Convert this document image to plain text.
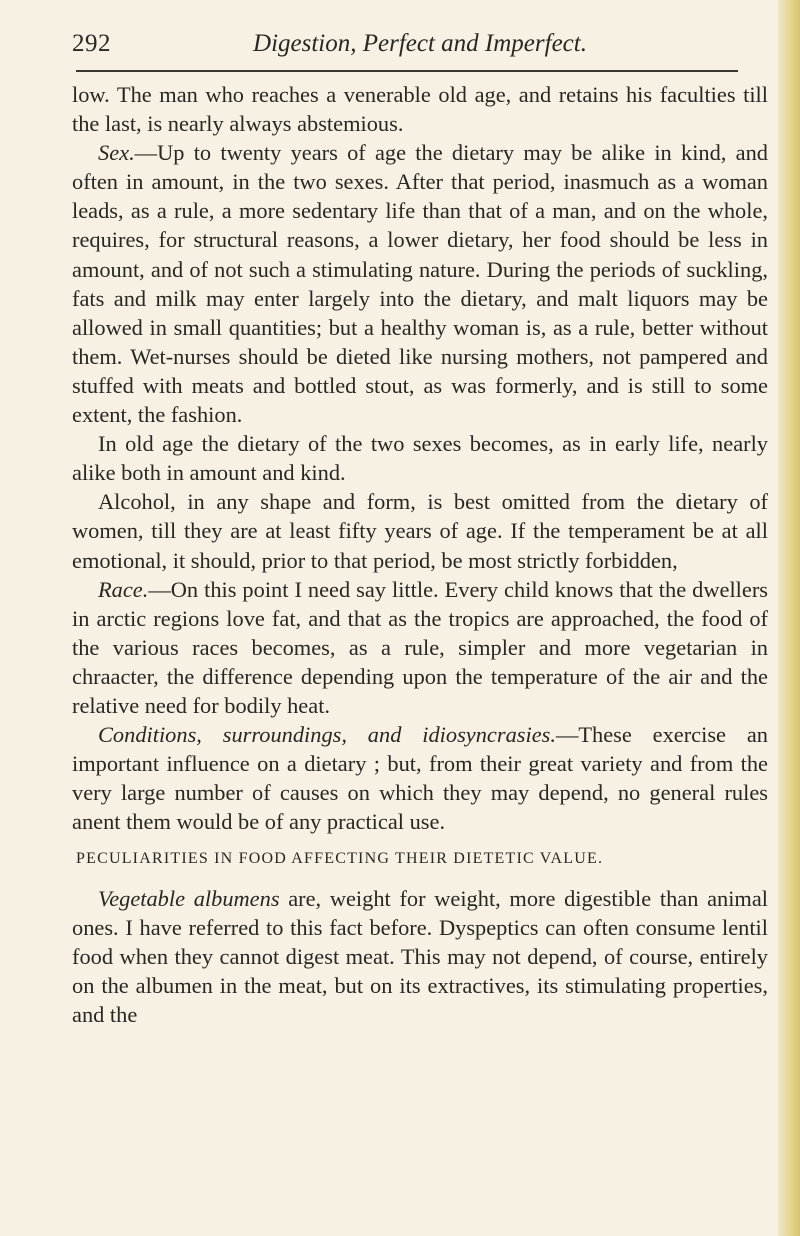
292	Digestion, Perfect and Imperfect.

low. The man who reaches a venerable old age, and retains his faculties till the last, is nearly always abstemious.

Sex.—Up to twenty years of age the dietary may be alike in kind, and often in amount, in the two sexes. After that period, inasmuch as a woman leads, as a rule, a more sedentary life than that of a man, and on the whole, requires, for structural reasons, a lower dietary, her food should be less in amount, and of not such a stimulating nature. During the periods of suckling, fats and milk may enter largely into the dietary, and malt liquors may be allowed in small quantities; but a healthy woman is, as a rule, better without them. Wet-nurses should be dieted like nursing mothers, not pampered and stuffed with meats and bottled stout, as was formerly, and is still to some extent, the fashion.

In old age the dietary of the two sexes becomes, as in early life, nearly alike both in amount and kind.

Alcohol, in any shape and form, is best omitted from the dietary of women, till they are at least fifty years of age. If the temperament be at all emotional, it should, prior to that period, be most strictly forbidden,

Race.—On this point I need say little. Every child knows that the dwellers in arctic regions love fat, and that as the tropics are approached, the food of the various races becomes, as a rule, simpler and more vegetarian in chraacter, the difference depending upon the temperature of the air and the relative need for bodily heat.

Conditions, surroundings, and idiosyncrasies.—These exercise an important influence on a dietary ; but, from their great variety and from the very large number of causes on which they may depend, no general rules anent them would be of any practical use.

PECULIARITIES IN FOOD AFFECTING THEIR DIETETIC VALUE.

Vegetable albumens are, weight for weight, more digestible than animal ones. I have referred to this fact before. Dyspeptics can often consume lentil food when they cannot digest meat. This may not depend, of course, entirely on the albumen in the meat, but on its extractives, its stimulating properties, and the
